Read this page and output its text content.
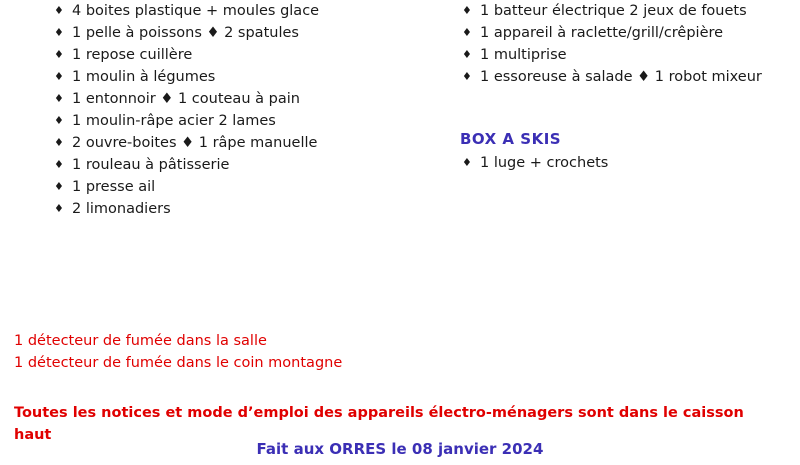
♦ 4 boites plastique + moules glace
♦ 1 pelle à poissons ♦ 2 spatules
♦ 1 repose cuillère
♦ 1 moulin à légumes
♦ 1 entonnoir ♦ 1 couteau à pain
♦ 1 moulin-râpe acier 2 lames
♦ 2 ouvre-boites ♦ 1 râpe manuelle
♦ 1 rouleau à pâtisserie
♦ 1 presse ail
♦ 2 limonadiers
♦ 1 batteur électrique 2 jeux de fouets
♦ 1 appareil à raclette/grill/crêpière
♦ 1 multiprise
♦ 1 essoreuse à salade ♦ 1 robot mixeur
BOX A SKIS
♦ 1 luge + crochets
1 détecteur de fumée dans la salle
1 détecteur de fumée dans le coin montagne
Toutes les notices et mode d’emploi des appareils électro-ménagers sont dans le caisson haut
Fait aux ORRES le 08 janvier 2024
